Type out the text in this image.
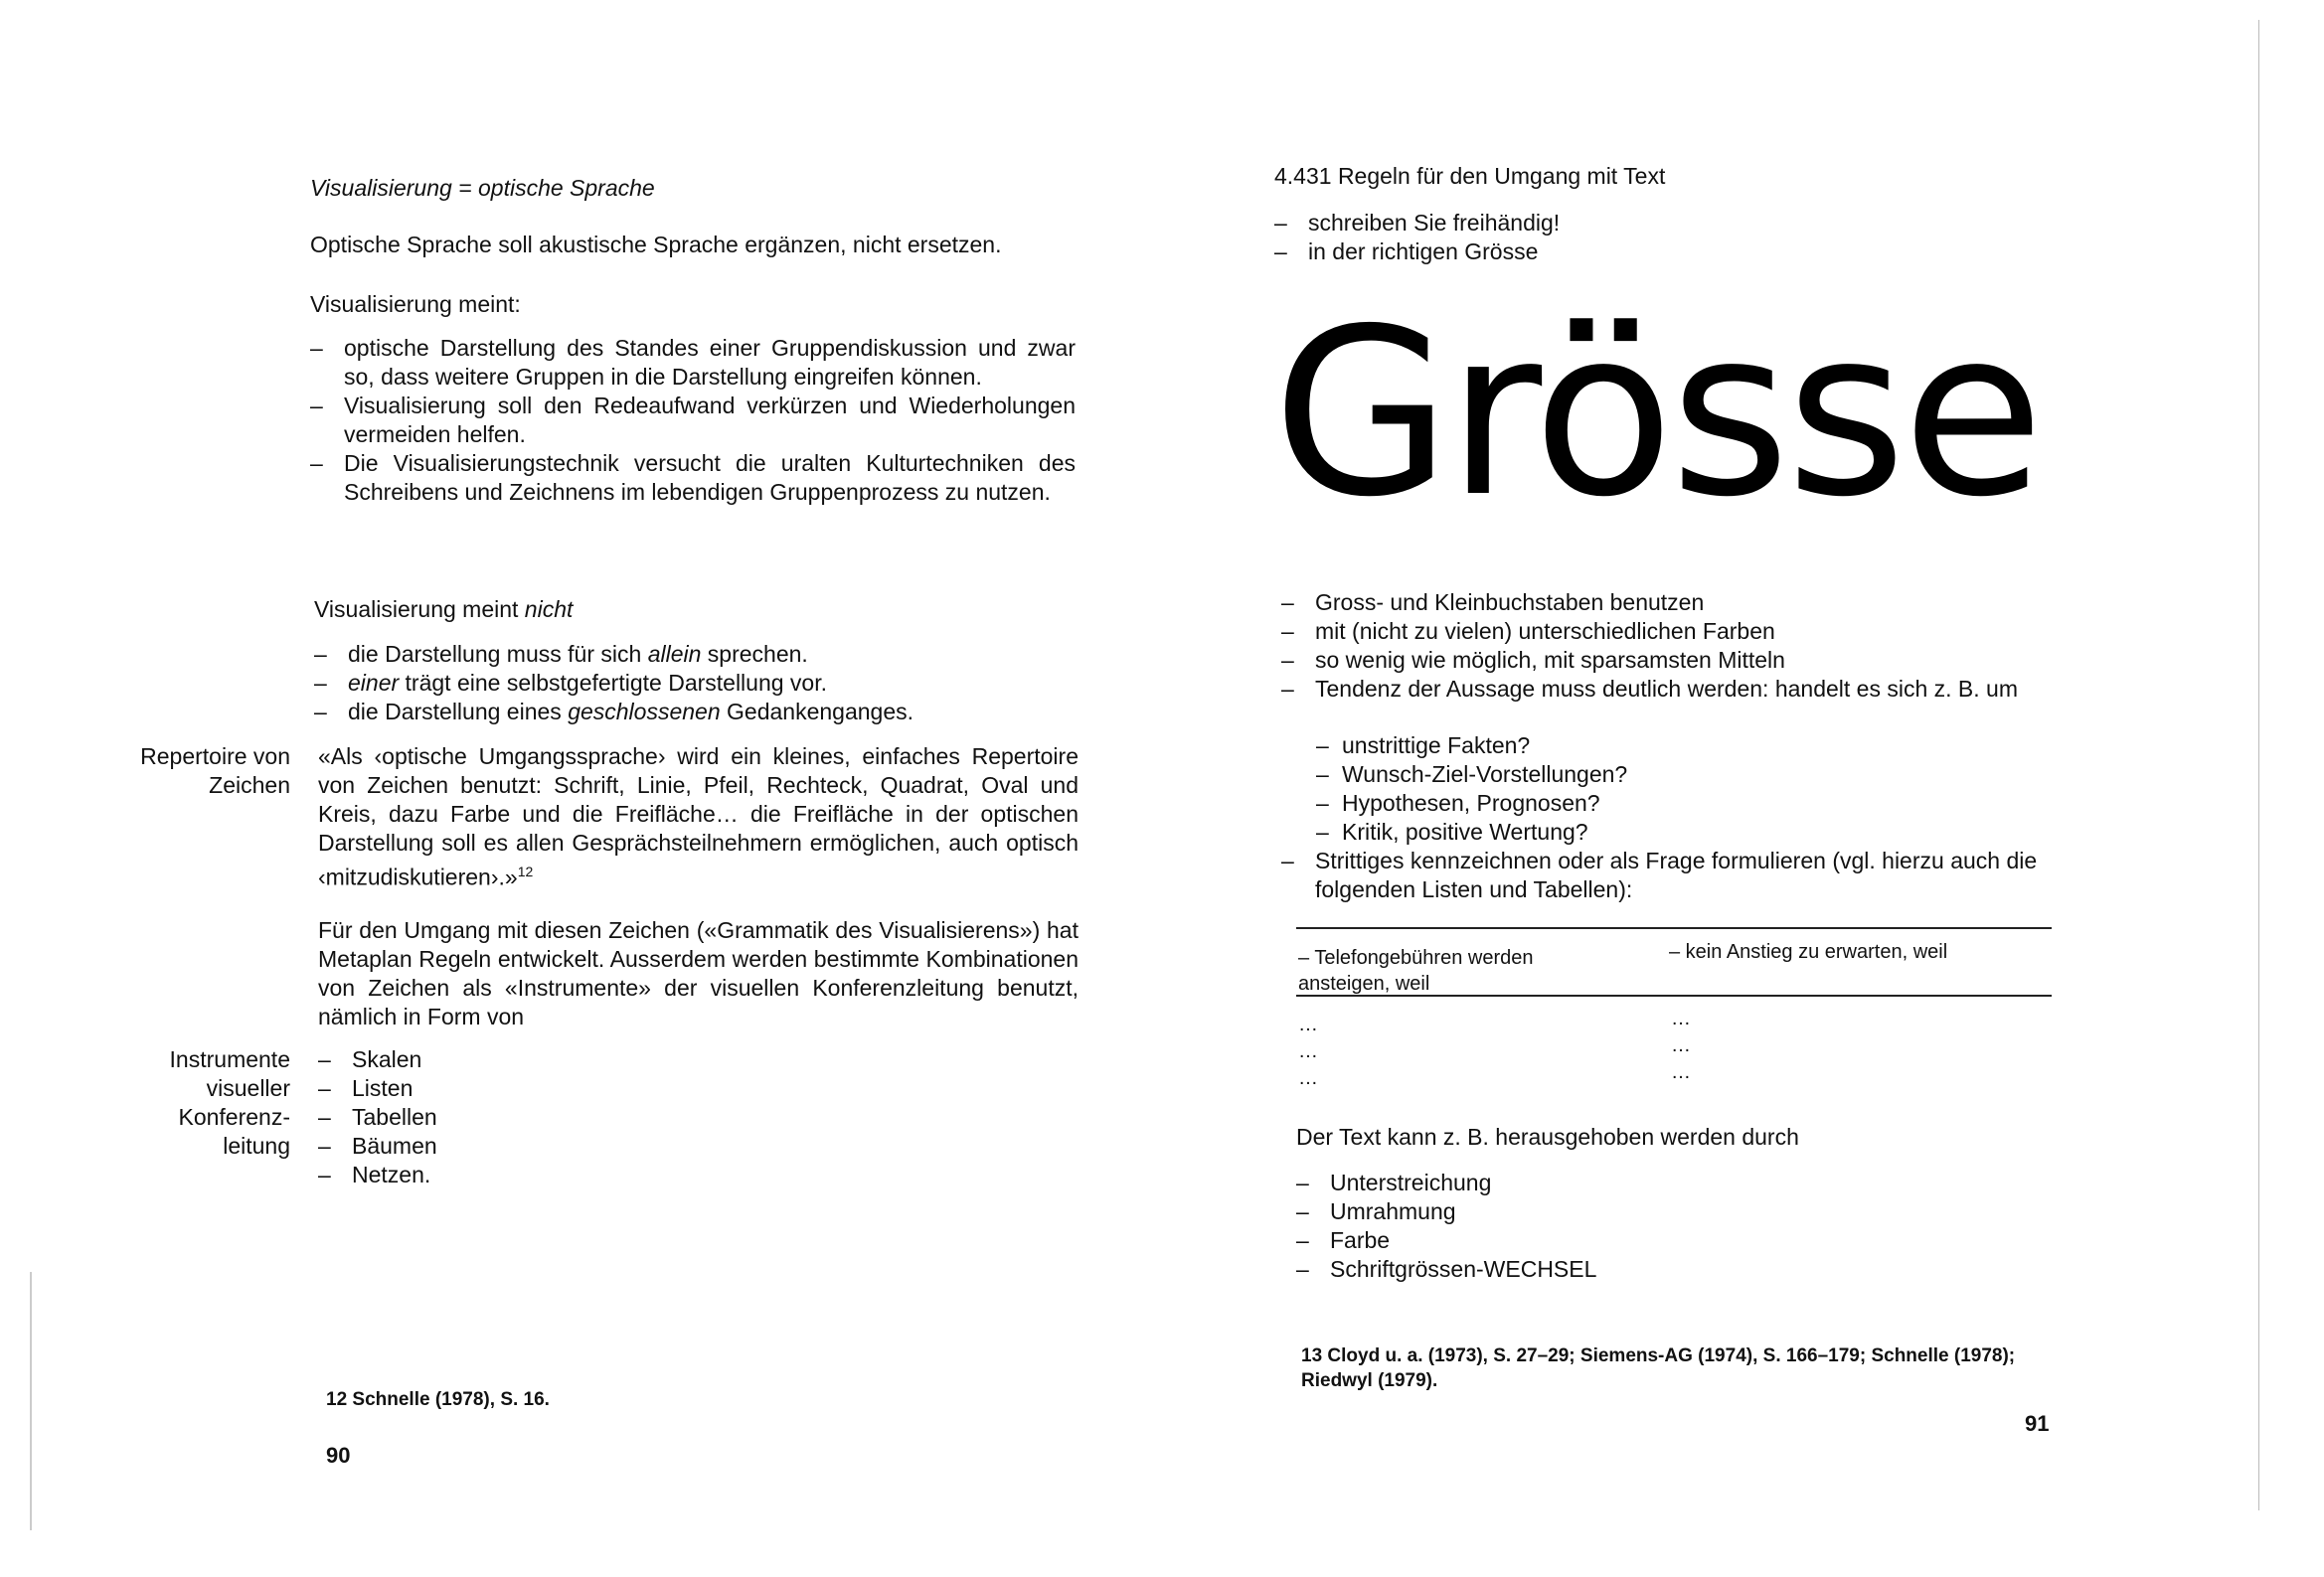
Visualisierung = optische Sprache

Optische Sprache soll akustische Sprache ergänzen, nicht ersetzen.

Visualisierung meint:

– optische Darstellung des Standes einer Gruppendiskussion und zwar so, dass weitere Gruppen in die Darstellung eingreifen können.
– Visualisierung soll den Redeaufwand verkürzen und Wiederholungen vermeiden helfen.
– Die Visualisierungstechnik versucht die uralten Kulturtechniken des Schreibens und Zeichnens im lebendigen Gruppenprozess zu nutzen.

Visualisierung meint nicht

– die Darstellung muss für sich allein sprechen.
– einer trägt eine selbstgefertigte Darstellung vor.
– die Darstellung eines geschlossenen Gedankenganges.
Repertoire von Zeichen

«Als ‹optische Umgangssprache› wird ein kleines, einfaches Repertoire von Zeichen benutzt: Schrift, Linie, Pfeil, Rechteck, Quadrat, Oval und Kreis, dazu Farbe und die Freifläche… die Freifläche in der optischen Darstellung soll es allen Gesprächsteilnehmern ermöglichen, auch optisch ‹mitzudiskutieren›.»$^{12}$

Für den Umgang mit diesen Zeichen («Grammatik des Visualisierens») hat Metaplan Regeln entwickelt. Ausserdem werden bestimmte Kombinationen von Zeichen als «Instrumente» der visuellen Konferenzleitung benutzt, nämlich in Form von

Instrumente visueller Konferenz- leitung
– Skalen
– Listen
– Tabellen
– Bäumen
– Netzen.
12 Schnelle (1978), S. 16.
90

4.431 Regeln für den Umgang mit Text

– schreiben Sie freihändig!
– in der richtigen Grösse
Grösse
– Gross- und Kleinbuchstaben benutzen
– mit (nicht zu vielen) unterschiedlichen Farben
– so wenig wie möglich, mit sparsamsten Mitteln
– Tendenz der Aussage muss deutlich werden: handelt es sich z. B. um
– unstrittige Fakten?
– Wunsch-Ziel-Vorstellungen?
– Hypothesen, Prognosen?
– Kritik, positive Wertung?
– Strittiges kennzeichnen oder als Frage formulieren (vgl. hierzu auch die folgenden Listen und Tabellen):
– Telefongebühren werden ansteigen, weil
– kein Anstieg zu erwarten, weil
…
…
…
…
…
…

Der Text kann z. B. herausgehoben werden durch

– Unterstreichung
– Umrahmung
– Farbe
– Schriftgrössen-WECHSEL
13 Cloyd u. a. (1973), S. 27–29; Siemens-AG (1974), S. 166–179; Schnelle (1978); Riedwyl (1979).
91
